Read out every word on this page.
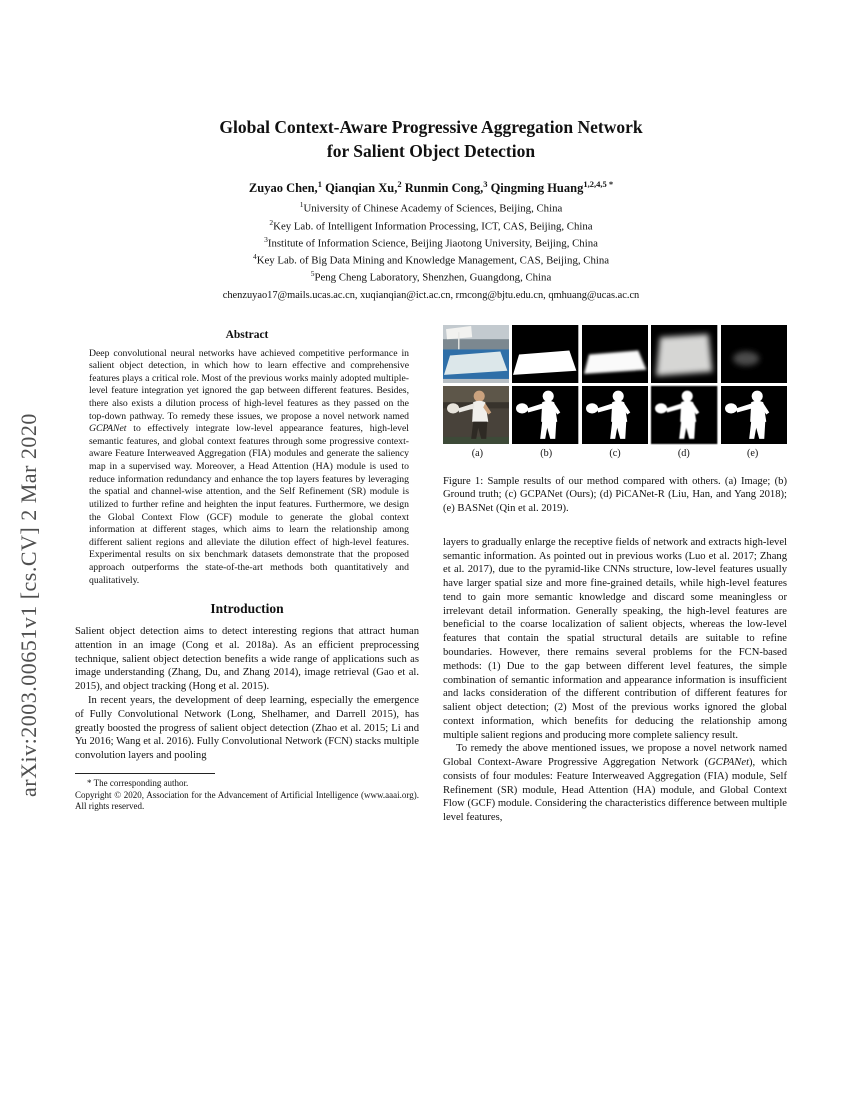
arXiv:2003.00651v1 [cs.CV] 2 Mar 2020
Global Context-Aware Progressive Aggregation Network
for Salient Object Detection

Zuyao Chen,$^1$ Qianqian Xu,$^2$ Runmin Cong,$^3$ Qingming Huang$^{1,2,4,5 *}$

$^1$University of Chinese Academy of Sciences, Beijing, China
$^2$Key Lab. of Intelligent Information Processing, ICT, CAS, Beijing, China
$^3$Institute of Information Science, Beijing Jiaotong University, Beijing, China
$^4$Key Lab. of Big Data Mining and Knowledge Management, CAS, Beijing, China
$^5$Peng Cheng Laboratory, Shenzhen, Guangdong, China

chenzuyao17@mails.ucas.ac.cn, xuqianqian@ict.ac.cn, rmcong@bjtu.edu.cn, qmhuang@ucas.ac.cn

Abstract

Deep convolutional neural networks have achieved competitive performance in salient object detection, in which how to learn effective and comprehensive features plays a critical role. Most of the previous works mainly adopted multiple-level feature integration yet ignored the gap between different features. Besides, there also exists a dilution process of high-level features as they passed on the top-down pathway. To remedy these issues, we propose a novel network named GCPANet to effectively integrate low-level appearance features, high-level semantic features, and global context features through some progressive context-aware Feature Interweaved Aggregation (FIA) modules and generate the saliency map in a supervised way. Moreover, a Head Attention (HA) module is used to reduce information redundancy and enhance the top layers features by leveraging the spatial and channel-wise attention, and the Self Refinement (SR) module is utilized to further refine and heighten the input features. Furthermore, we design the Global Context Flow (GCF) module to generate the global context information at different stages, which aims to learn the relationship among different salient regions and alleviate the dilution effect of high-level features. Experimental results on six benchmark datasets demonstrate that the proposed approach outperforms the state-of-the-art methods both quantitatively and qualitatively.

Introduction

Salient object detection aims to detect interesting regions that attract human attention in an image (Cong et al. 2018a). As an efficient preprocessing technique, salient object detection benefits a wide range of applications such as image understanding (Zhang, Du, and Zhang 2014), image retrieval (Gao et al. 2015), and object tracking (Hong et al. 2015).

In recent years, the development of deep learning, especially the emergence of Fully Convolutional Network (Long, Shelhamer, and Darrell 2015), has greatly boosted the progress of salient object detection (Zhao et al. 2015; Li and Yu 2016; Wang et al. 2016). Fully Convolutional Network (FCN) stacks multiple convolution layers and pooling

* The corresponding author.

Copyright © 2020, Association for the Advancement of Artificial Intelligence (www.aaai.org). All rights reserved.

(a)	(b)	(c)	(d)	(e)

Figure 1: Sample results of our method compared with others. (a) Image; (b) Ground truth; (c) GCPANet (Ours); (d) PiCANet-R (Liu, Han, and Yang 2018); (e) BASNet (Qin et al. 2019).

layers to gradually enlarge the receptive fields of network and extracts high-level semantic information. As pointed out in previous works (Luo et al. 2017; Zhang et al. 2017), due to the pyramid-like CNNs structure, low-level features usually have larger spatial size and more fine-grained details, while high-level features tend to gain more semantic knowledge and discard some meaningless or irrelevant detail information. Generally speaking, the high-level features are beneficial to the coarse localization of salient objects, whereas the low-level features that contain the spatial structural details are suitable to refine boundaries. However, there remains several problems for the FCN-based methods: (1) Due to the gap between different level features, the simple combination of semantic information and appearance information is insufficient and lacks consideration of the different contribution of different features for salient object detection; (2) Most of the previous works ignored the global context information, which benefits for deducing the relationship among multiple salient regions and producing more complete saliency result.

To remedy the above mentioned issues, we propose a novel network named Global Context-Aware Progressive Aggregation Network (GCPANet), which consists of four modules: Feature Interweaved Aggregation (FIA) module, Self Refinement (SR) module, Head Attention (HA) module, and Global Context Flow (GCF) module. Considering the characteristics difference between multiple level features,
